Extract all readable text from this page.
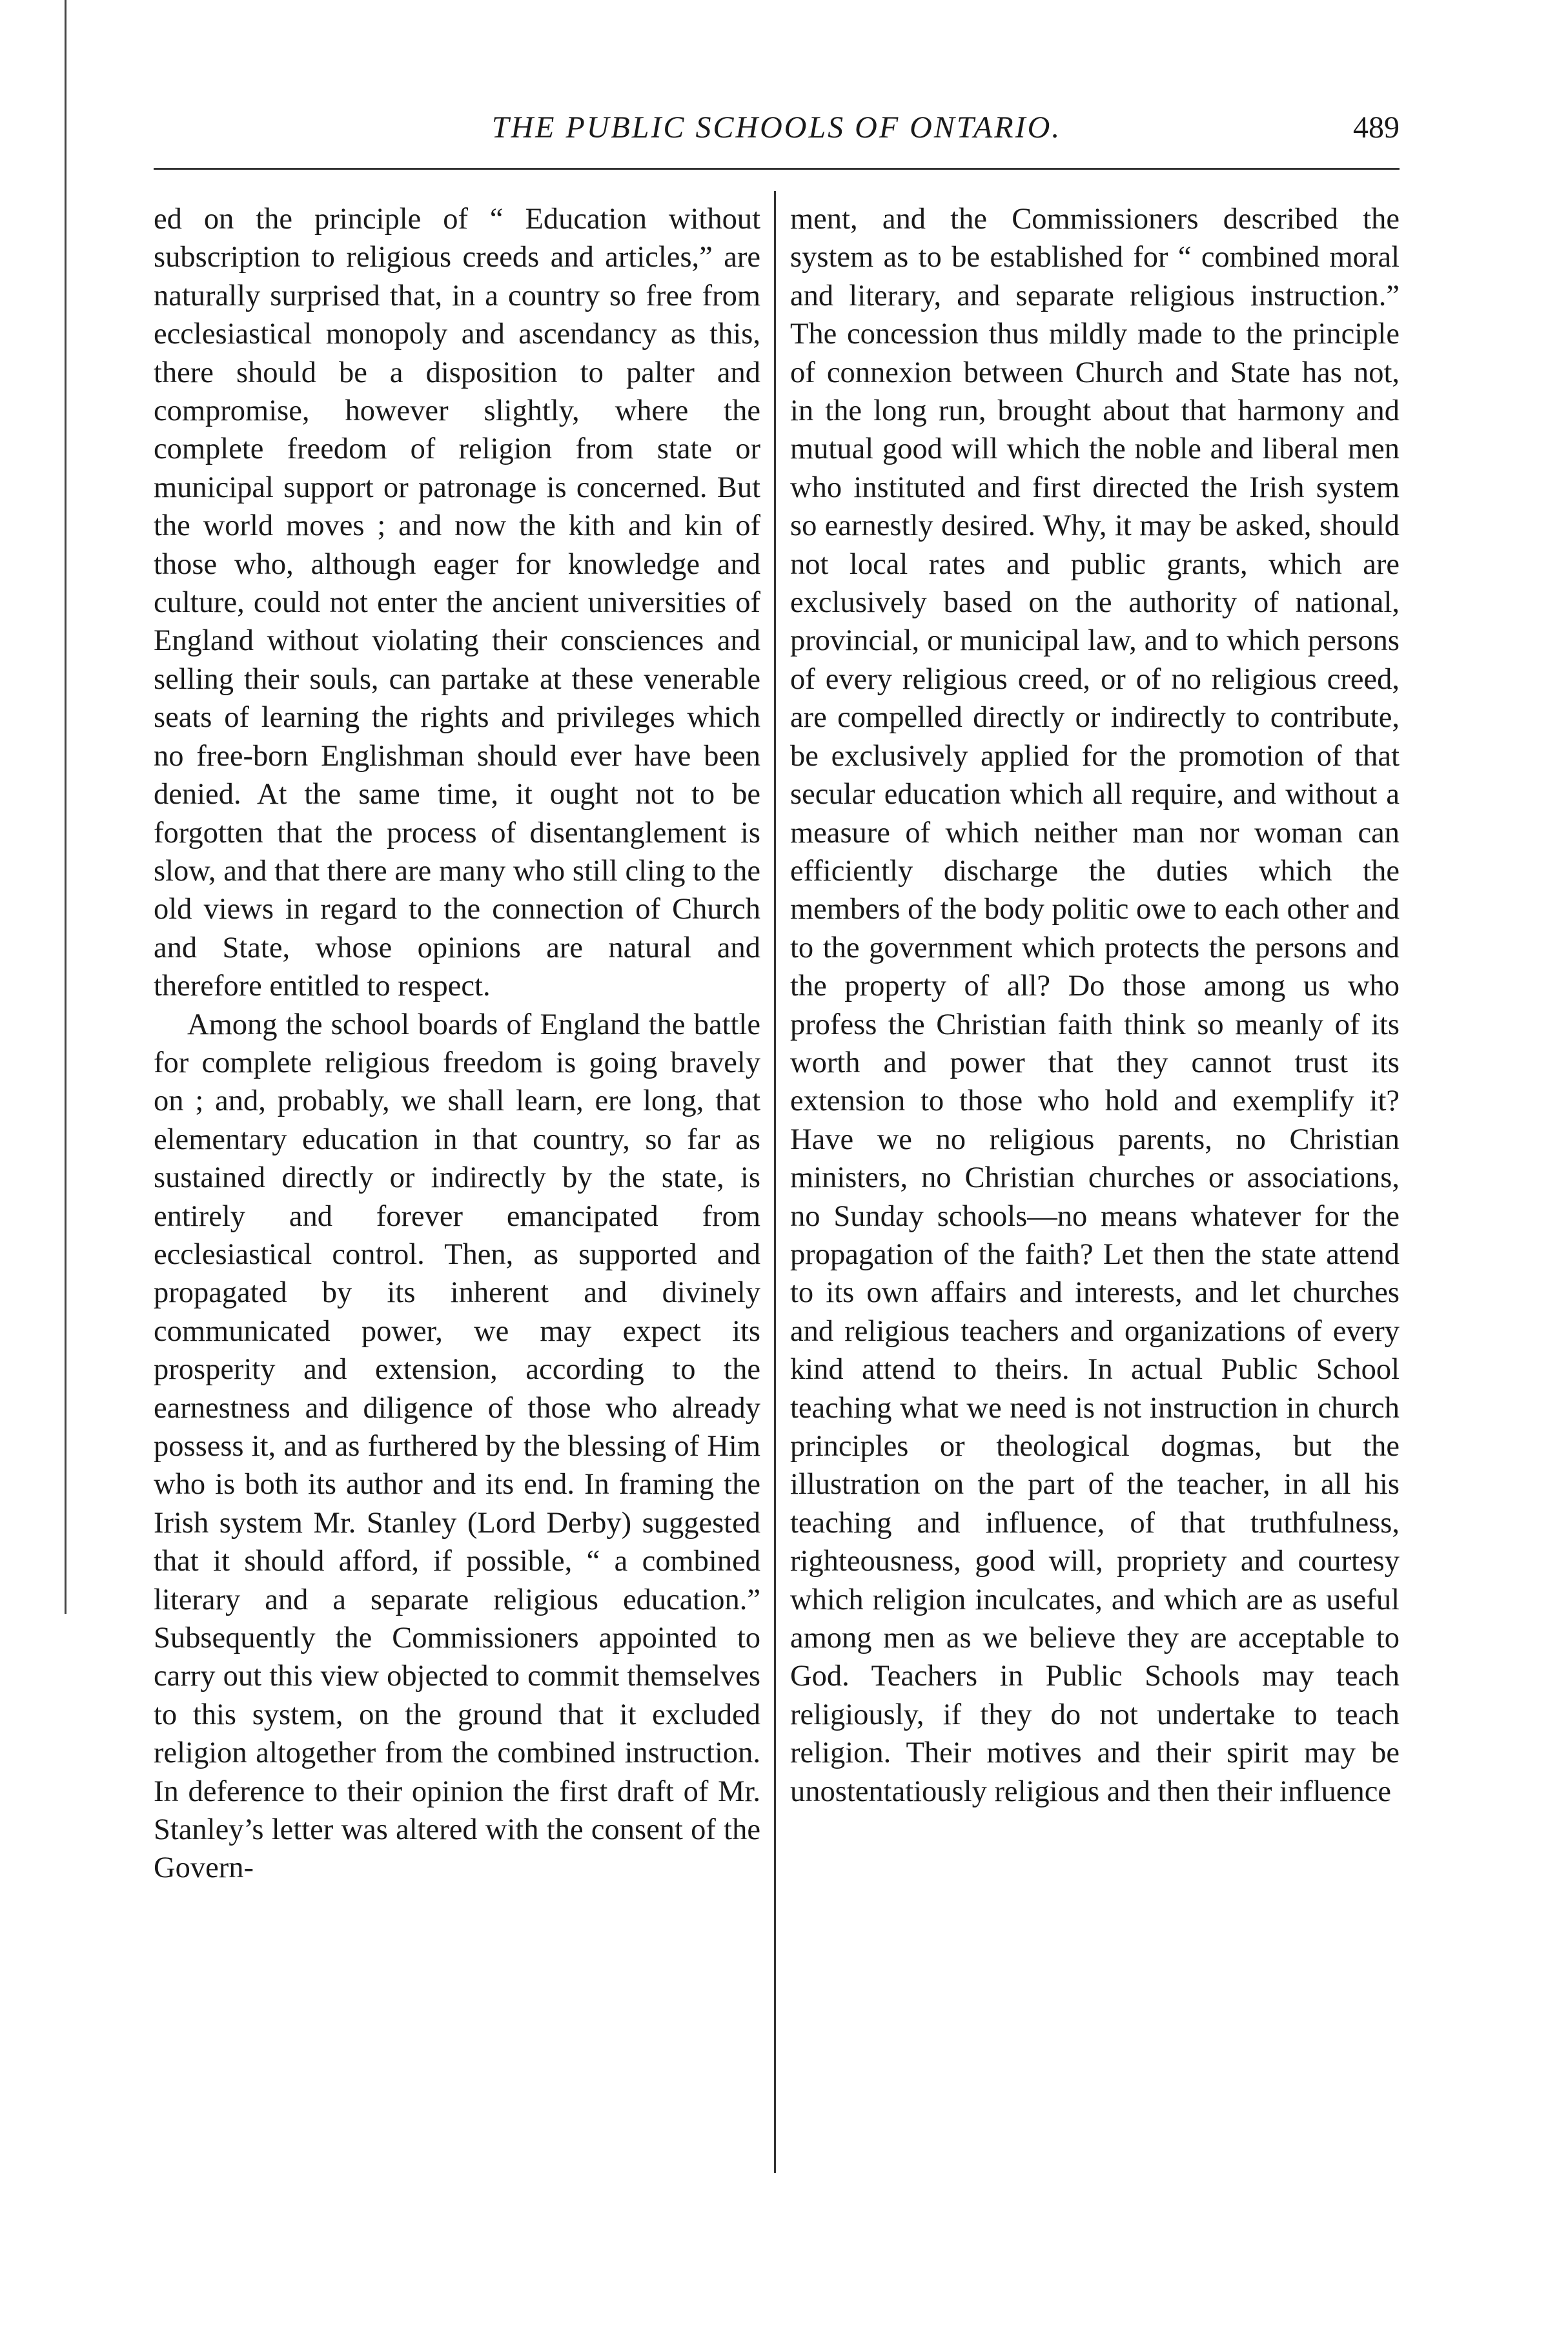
THE PUBLIC SCHOOLS OF ONTARIO.	489

ed on the principle of “ Education without subscription to religious creeds and articles,” are naturally surprised that, in a country so free from ecclesiastical monopoly and ascendancy as this, there should be a disposition to palter and compromise, however slightly, where the complete freedom of religion from state or municipal support or patronage is concerned. But the world moves ; and now the kith and kin of those who, although eager for knowledge and culture, could not enter the ancient universities of England without violating their consciences and selling their souls, can partake at these venerable seats of learning the rights and privileges which no free-born Englishman should ever have been denied. At the same time, it ought not to be forgotten that the process of disentanglement is slow, and that there are many who still cling to the old views in regard to the connection of Church and State, whose opinions are natural and therefore entitled to respect.

Among the school boards of England the battle for complete religious freedom is going bravely on ; and, probably, we shall learn, ere long, that elementary education in that country, so far as sustained directly or indirectly by the state, is entirely and forever emancipated from ecclesiastical control. Then, as supported and propagated by its inherent and divinely communicated power, we may expect its prosperity and extension, according to the earnestness and diligence of those who already possess it, and as furthered by the blessing of Him who is both its author and its end. In framing the Irish system Mr. Stanley (Lord Derby) suggested that it should afford, if possible, “ a combined literary and a separate religious education.” Subsequently the Commissioners appointed to carry out this view objected to commit themselves to this system, on the ground that it excluded religion altogether from the combined instruction. In deference to their opinion the first draft of Mr. Stanley’s letter was altered with the consent of the Govern-

ment, and the Commissioners described the system as to be established for “ combined moral and literary, and separate religious instruction.” The concession thus mildly made to the principle of connexion between Church and State has not, in the long run, brought about that harmony and mutual good will which the noble and liberal men who instituted and first directed the Irish system so earnestly desired. Why, it may be asked, should not local rates and public grants, which are exclusively based on the authority of national, provincial, or municipal law, and to which persons of every religious creed, or of no religious creed, are compelled directly or indirectly to contribute, be exclusively applied for the promotion of that secular education which all require, and without a measure of which neither man nor woman can efficiently discharge the duties which the members of the body politic owe to each other and to the government which protects the persons and the property of all? Do those among us who profess the Christian faith think so meanly of its worth and power that they cannot trust its extension to those who hold and exemplify it? Have we no religious parents, no Christian ministers, no Christian churches or associations, no Sunday schools—no means whatever for the propagation of the faith? Let then the state attend to its own affairs and interests, and let churches and religious teachers and organizations of every kind attend to theirs. In actual Public School teaching what we need is not instruction in church principles or theological dogmas, but the illustration on the part of the teacher, in all his teaching and influence, of that truthfulness, righteousness, good will, propriety and courtesy which religion inculcates, and which are as useful among men as we believe they are acceptable to God. Teachers in Public Schools may teach religiously, if they do not undertake to teach religion. Their motives and their spirit may be unostentatiously religious and then their influence
